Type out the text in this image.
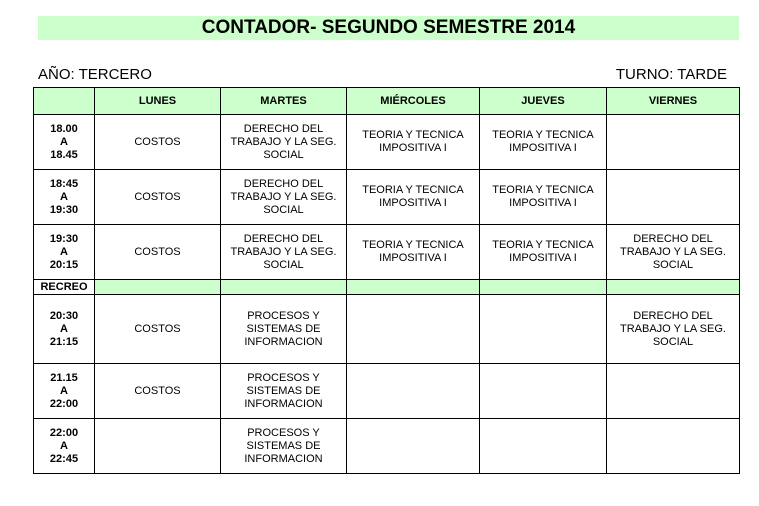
CONTADOR- SEGUNDO SEMESTRE 2014
AÑO: TERCERO	TURNO: TARDE
	LUNES	MARTES	MIÉRCOLES	JUEVES	VIERNES

18.00
A
18.45	COSTOS	DERECHO DEL TRABAJO Y LA SEG. SOCIAL	TEORIA Y TECNICA IMPOSITIVA I	TEORIA Y TECNICA IMPOSITIVA I	

18:45
A
19:30	COSTOS	DERECHO DEL TRABAJO Y LA SEG. SOCIAL	TEORIA Y TECNICA IMPOSITIVA I	TEORIA Y TECNICA IMPOSITIVA I	

19:30
A
20:15	COSTOS	DERECHO DEL TRABAJO Y LA SEG. SOCIAL	TEORIA Y TECNICA IMPOSITIVA I	TEORIA Y TECNICA IMPOSITIVA I	DERECHO DEL TRABAJO Y LA SEG. SOCIAL
RECREO					

20:30
A
21:15	COSTOS	PROCESOS Y SISTEMAS DE INFORMACION			DERECHO DEL TRABAJO Y LA SEG. SOCIAL

21.15
A
22:00	COSTOS	PROCESOS Y SISTEMAS DE INFORMACION			

22:00
A
22:45		PROCESOS Y SISTEMAS DE INFORMACION			
